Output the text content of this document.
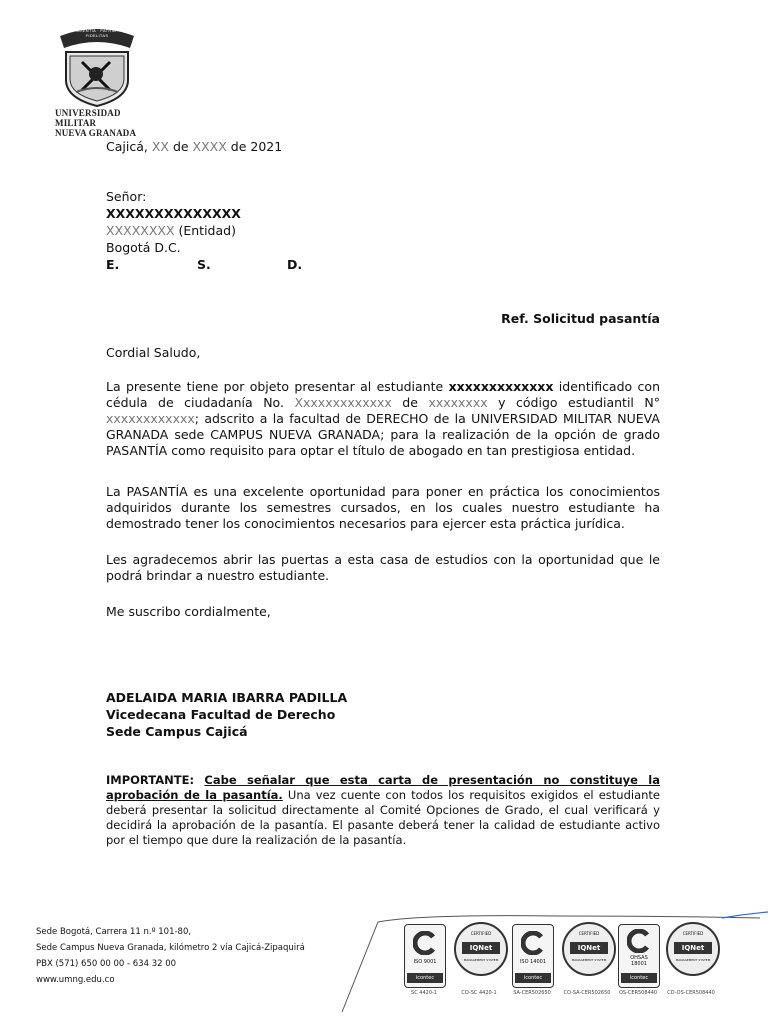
SCIENTIA · PATRIA · FIDELITAS
UNIVERSIDAD MILITAR
NUEVA GRANADA
Cajicá, XX de XXXX de 2021
Señor:
XXXXXXXXXXXXXX
XXXXXXXX (Entidad)
Bogotá D.C.
E.	S.	D.
Ref. Solicitud pasantía
Cordial Saludo,
La presente tiene por objeto presentar al estudiante xxxxxxxxxxxxx identificado con cédula de ciudadanía No. Xxxxxxxxxxxxx de xxxxxxxx y código estudiantil N° xxxxxxxxxxxx; adscrito a la facultad de DERECHO de la UNIVERSIDAD MILITAR NUEVA GRANADA sede CAMPUS NUEVA GRANADA; para la realización de la opción de grado PASANTÍA como requisito para optar el título de abogado en tan prestigiosa entidad.
La PASANTÍA es una excelente oportunidad para poner en práctica los conocimientos adquiridos durante los semestres cursados, en los cuales nuestro estudiante ha demostrado tener los conocimientos necesarios para ejercer esta práctica jurídica.
Les agradecemos abrir las puertas a esta casa de estudios con la oportunidad que le podrá brindar a nuestro estudiante.
Me suscribo cordialmente,
ADELAIDA MARIA IBARRA PADILLA
Vicedecana Facultad de Derecho
Sede Campus Cajicá
IMPORTANTE: Cabe señalar que esta carta de presentación no constituye la aprobación de la pasantía. Una vez cuente con todos los requisitos exigidos el estudiante deberá presentar la solicitud directamente al Comité Opciones de Grado, el cual verificará y decidirá la aprobación de la pasantía. El pasante deberá tener la calidad de estudiante activo por el tiempo que dure la realización de la pasantía.
Sede Bogotá, Carrera 11 n.º 101-80,
Sede Campus Nueva Granada, kilómetro 2 vía Cajicá-Zipaquirá
PBX (571) 650 00 00 - 634 32 00
www.umng.edu.co
ISO 9001
icontec
SC 4420-1
CERTIFIED
IQNet
MANAGEMENT SYSTEM
CO-SC 4420-1
ISO 14001
icontec
SA-CER502650
CERTIFIED
IQNet
MANAGEMENT SYSTEM
CO-SA-CER502650
OHSAS 18001
icontec
OS-CER508440
CERTIFIED
IQNet
MANAGEMENT SYSTEM
CO-OS-CER508440
